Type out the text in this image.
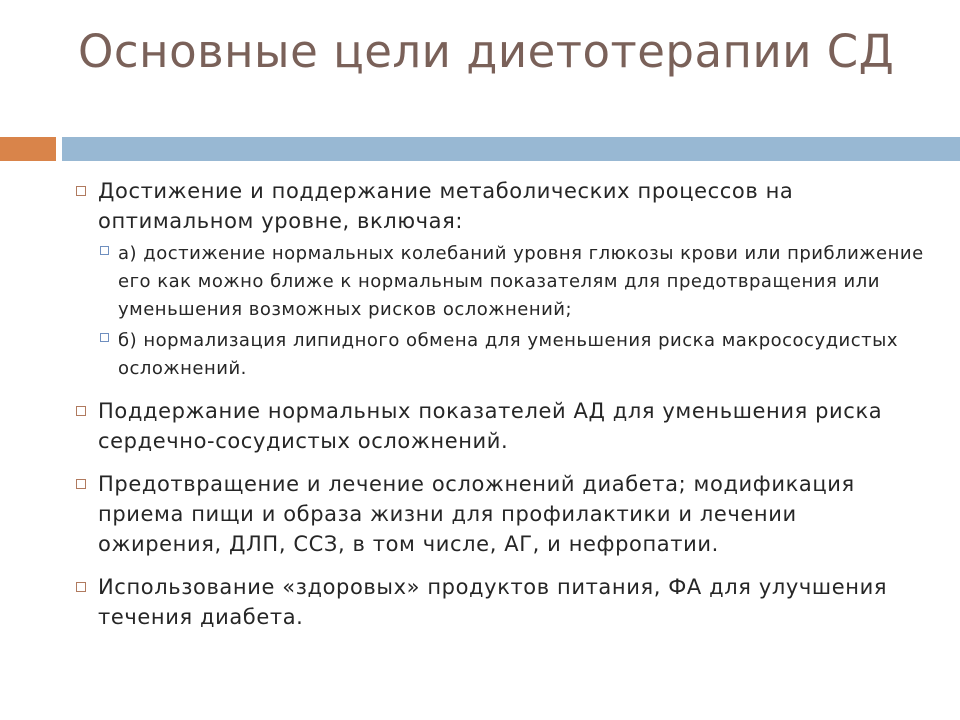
Основные цели диетотерапии СД
Достижение и поддержание метаболических процессов на оптимальном уровне, включая:
а) достижение нормальных колебаний уровня глюкозы крови или приближение его как можно ближе к нормальным показателям для предотвращения или уменьшения возможных рисков осложнений;
б) нормализация липидного обмена для уменьшения риска макрососудистых осложнений.
Поддержание нормальных показателей АД для уменьшения риска сердечно-сосудистых осложнений.
Предотвращение и лечение осложнений диабета; модификация приема пищи и образа жизни для профилактики и лечении ожирения, ДЛП, ССЗ, в том числе, АГ, и нефропатии.
Использование «здоровых» продуктов питания, ФА для улучшения течения диабета.
